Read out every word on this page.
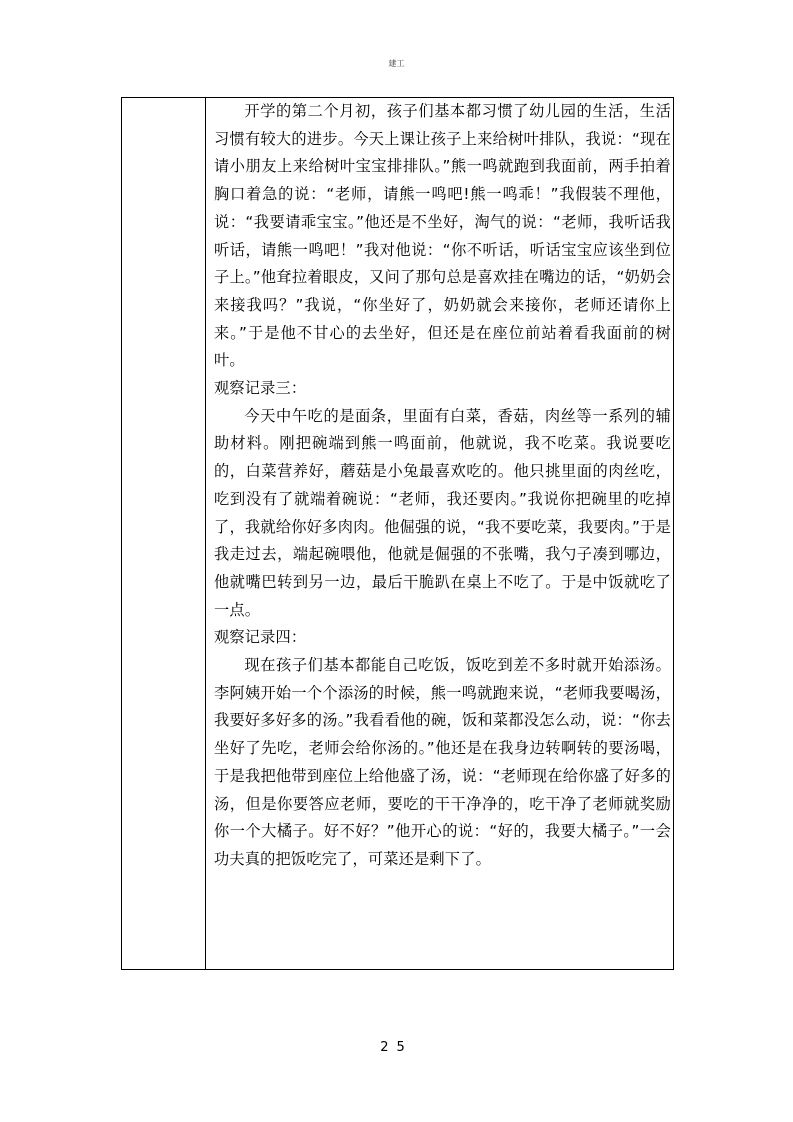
建工

开学的第二个月初，孩子们基本都习惯了幼儿园的生活，生活习惯有较大的进步。今天上课让孩子上来给树叶排队，我说：“现在请小朋友上来给树叶宝宝排排队。”熊一鸣就跑到我面前，两手拍着胸口着急的说：“老师，请熊一鸣吧!熊一鸣乖！”我假装不理他，说：“我要请乖宝宝。”他还是不坐好，淘气的说：“老师，我听话我听话，请熊一鸣吧！”我对他说：“你不听话，听话宝宝应该坐到位子上。”他耷拉着眼皮，又问了那句总是喜欢挂在嘴边的话，“奶奶会来接我吗？”我说，“你坐好了，奶奶就会来接你，老师还请你上来。”于是他不甘心的去坐好，但还是在座位前站着看我面前的树叶。

观察记录三：

今天中午吃的是面条，里面有白菜，香菇，肉丝等一系列的辅助材料。刚把碗端到熊一鸣面前，他就说，我不吃菜。我说要吃的，白菜营养好，蘑菇是小兔最喜欢吃的。他只挑里面的肉丝吃，吃到没有了就端着碗说：“老师，我还要肉。”我说你把碗里的吃掉了，我就给你好多肉肉。他倔强的说，“我不要吃菜，我要肉。”于是我走过去，端起碗喂他，他就是倔强的不张嘴，我勺子凑到哪边，他就嘴巴转到另一边，最后干脆趴在桌上不吃了。于是中饭就吃了一点。

观察记录四：

现在孩子们基本都能自己吃饭，饭吃到差不多时就开始添汤。李阿姨开始一个个添汤的时候，熊一鸣就跑来说，“老师我要喝汤，我要好多好多的汤。”我看看他的碗，饭和菜都没怎么动，说：“你去坐好了先吃，老师会给你汤的。”他还是在我身边转啊转的要汤喝，于是我把他带到座位上给他盛了汤，说：“老师现在给你盛了好多的汤，但是你要答应老师，要吃的干干净净的，吃干净了老师就奖励你一个大橘子。好不好？”他开心的说：“好的，我要大橘子。”一会功夫真的把饭吃完了，可菜还是剩下了。

25
